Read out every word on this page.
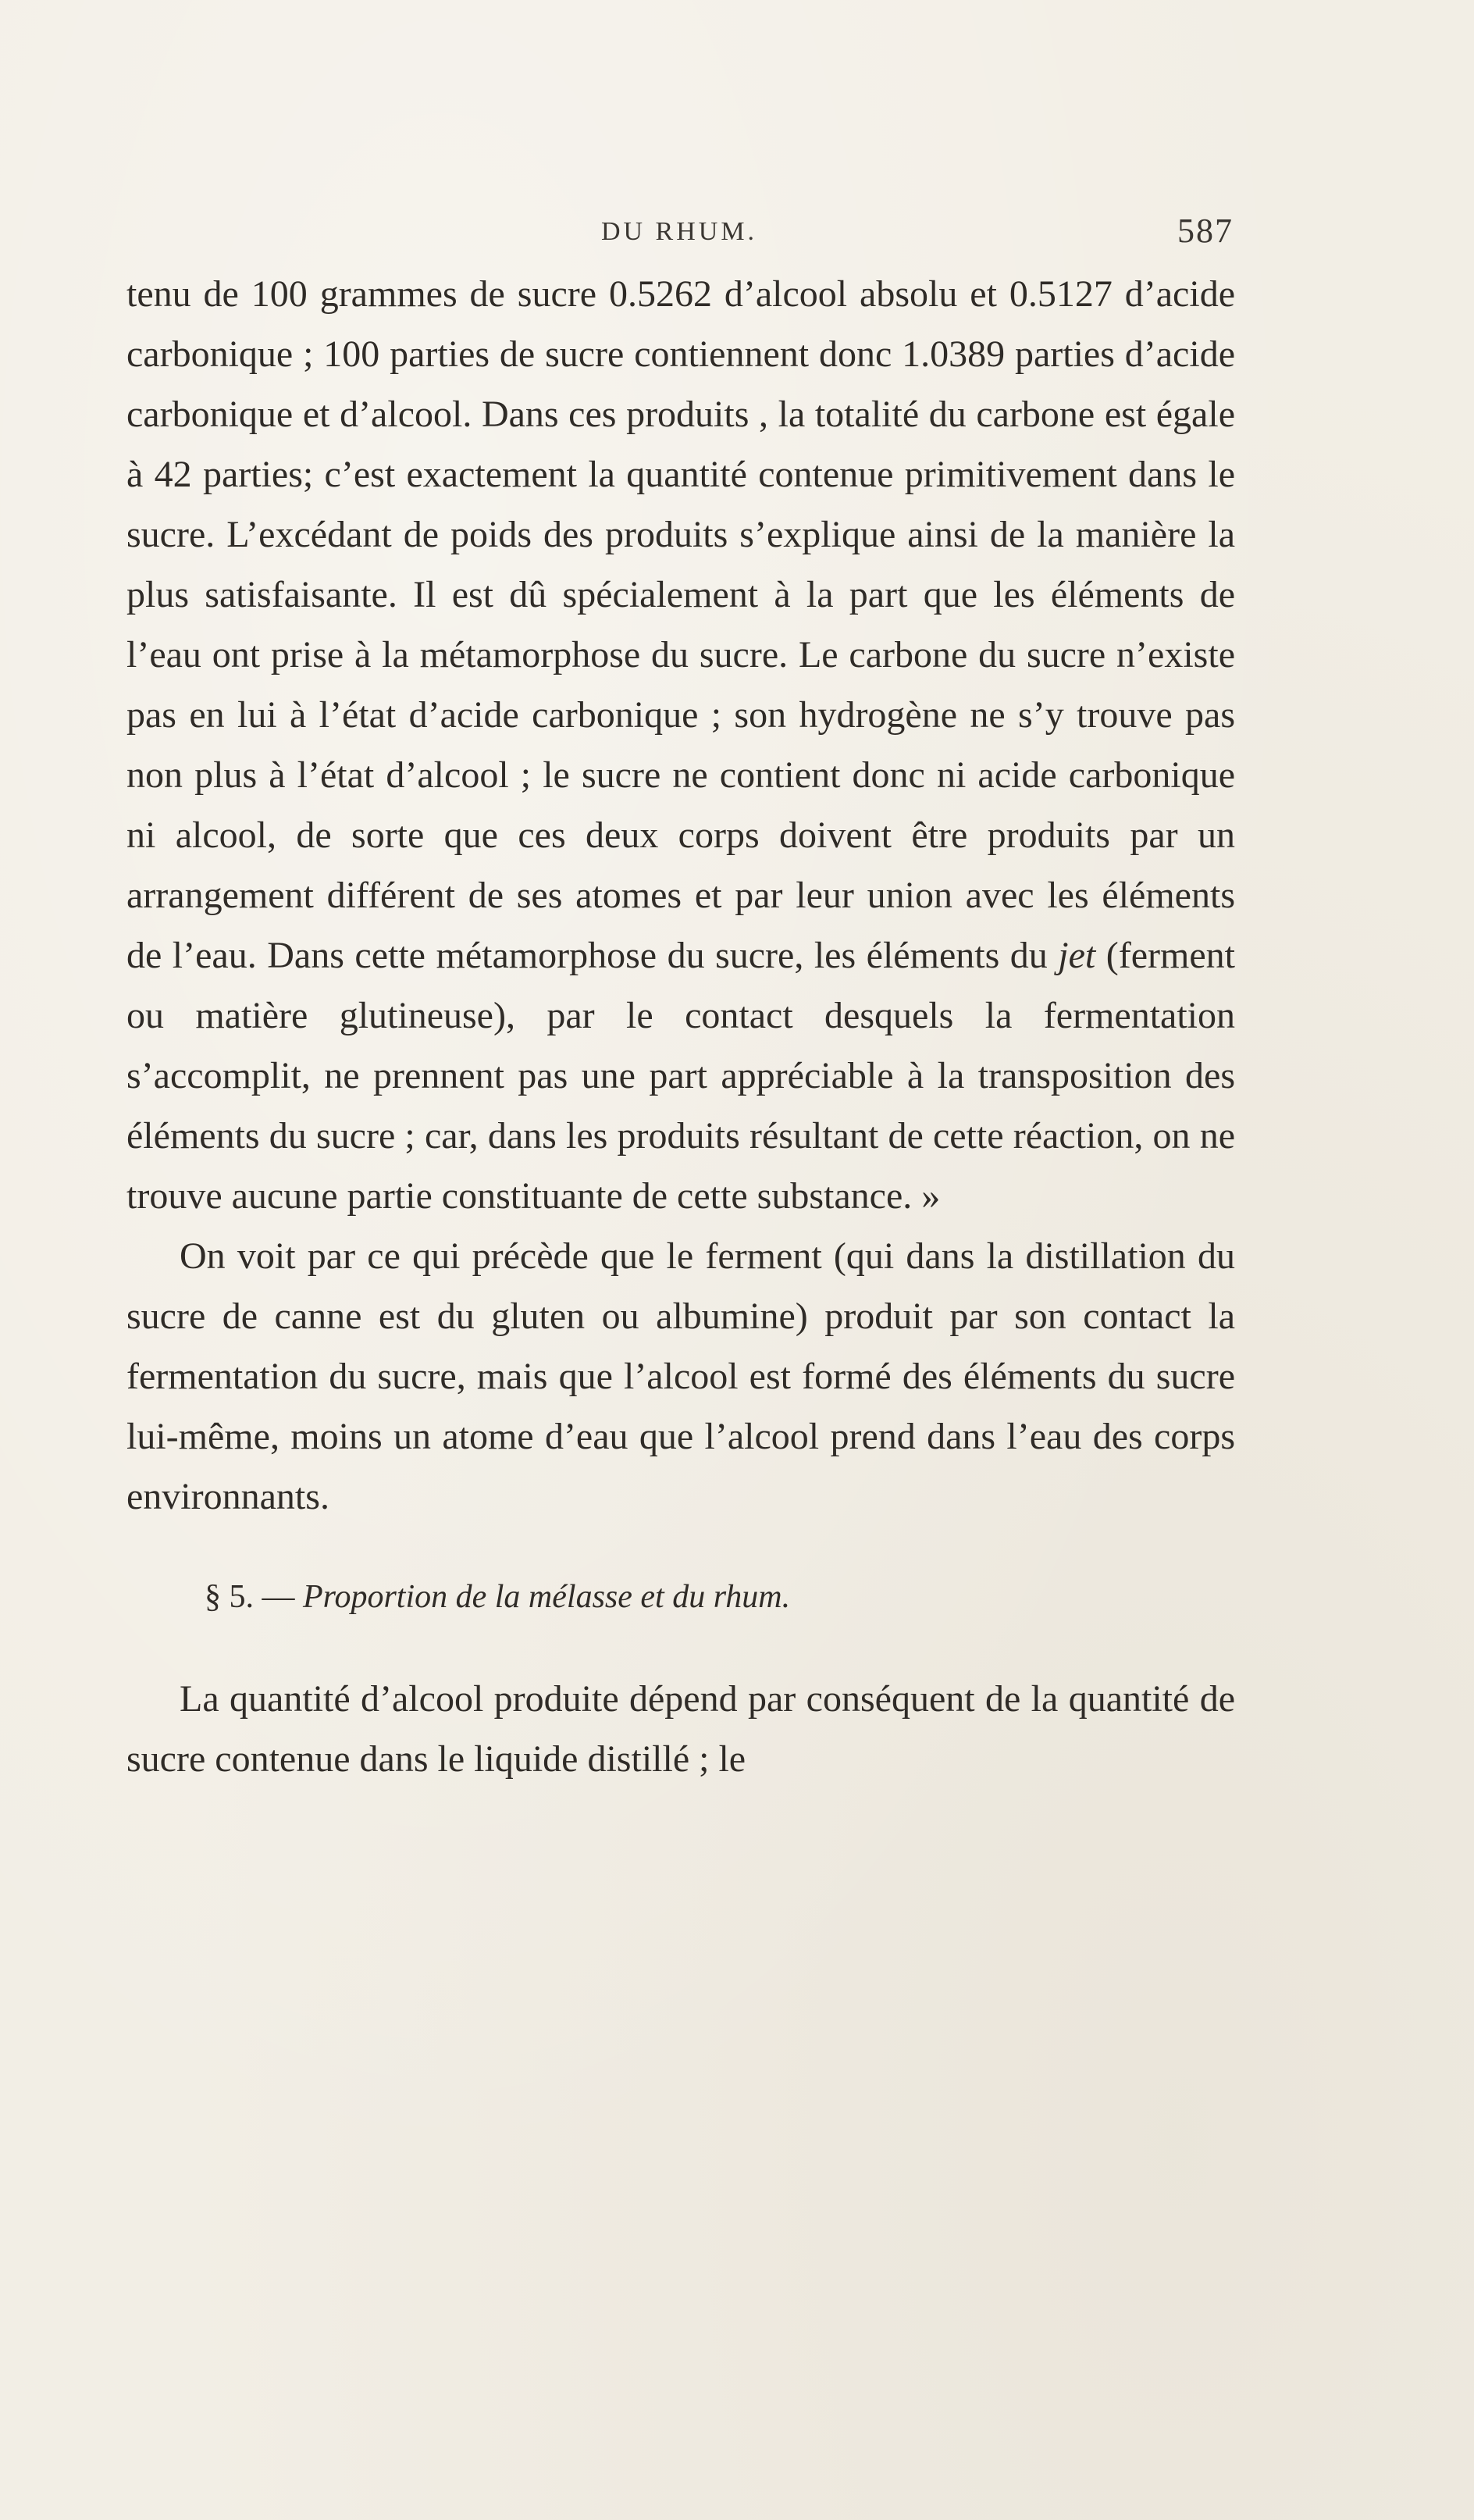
DU RHUM.	587

tenu de 100 grammes de sucre 0.5262 d’alcool absolu et 0.5127 d’acide carbonique ; 100 parties de sucre contiennent donc 1.0389 parties d’acide carbonique et d’alcool. Dans ces produits , la totalité du carbone est égale à 42 parties; c’est exactement la quantité contenue primitivement dans le sucre. L’excédant de poids des produits s’explique ainsi de la manière la plus satisfaisante. Il est dû spécialement à la part que les éléments de l’eau ont prise à la métamorphose du sucre. Le carbone du sucre n’existe pas en lui à l’état d’acide carbonique ; son hydrogène ne s’y trouve pas non plus à l’état d’alcool ; le sucre ne contient donc ni acide carbonique ni alcool, de sorte que ces deux corps doivent être produits par un arrangement différent de ses atomes et par leur union avec les éléments de l’eau. Dans cette métamorphose du sucre, les éléments du jet (ferment ou matière glutineuse), par le contact desquels la fermentation s’accomplit, ne prennent pas une part appréciable à la transposition des éléments du sucre ; car, dans les produits résultant de cette réaction, on ne trouve aucune partie constituante de cette substance. »

On voit par ce qui précède que le ferment (qui dans la distillation du sucre de canne est du gluten ou albumine) produit par son contact la fermentation du sucre, mais que l’alcool est formé des éléments du sucre lui-même, moins un atome d’eau que l’alcool prend dans l’eau des corps environnants.

§ 5. — Proportion de la mélasse et du rhum.

La quantité d’alcool produite dépend par conséquent de la quantité de sucre contenue dans le liquide distillé ; le
